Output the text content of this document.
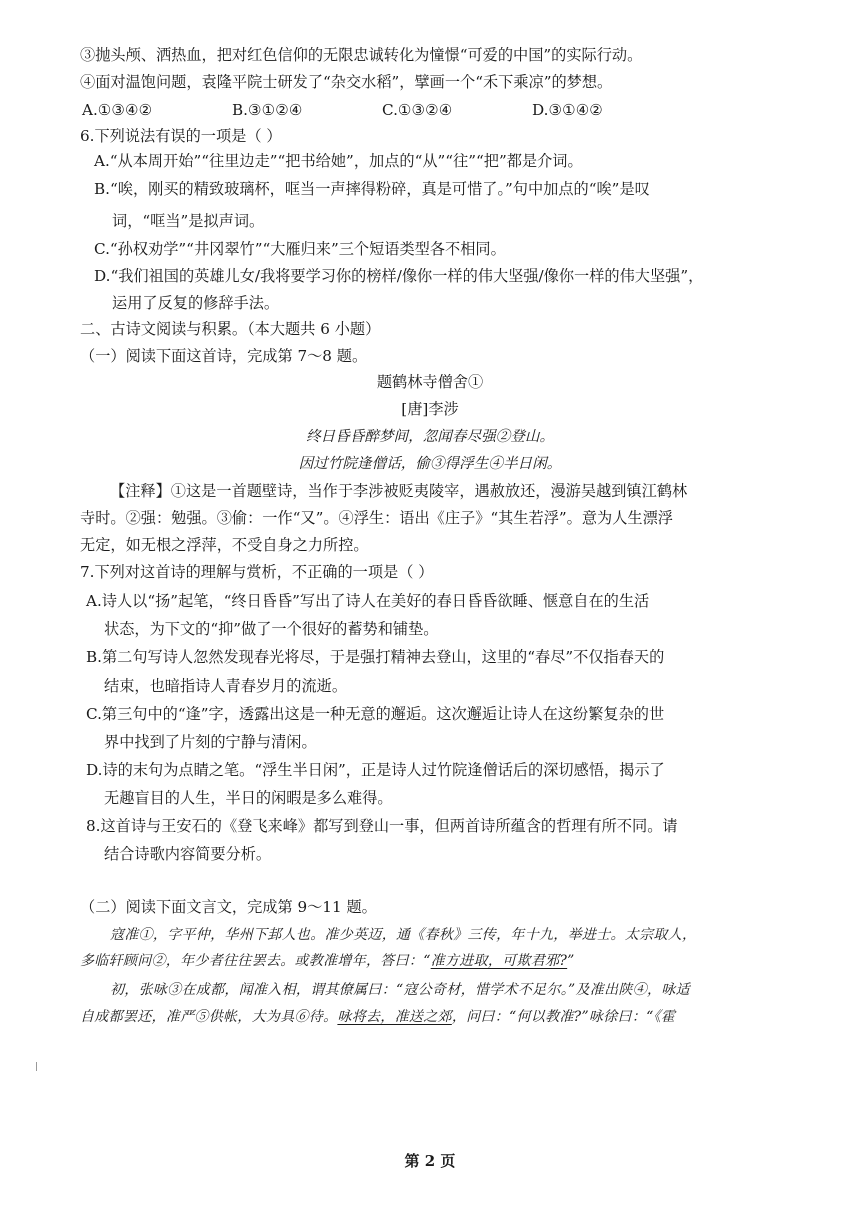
③抛头颅、洒热血，把对红色信仰的无限忠诚转化为憧憬“可爱的中国”的实际行动。
④面对温饱问题，袁隆平院士研发了“杂交水稻”，擘画一个“禾下乘凉”的梦想。
A.①③④②	B.③①②④	C.①③②④	D.③①④②
6.下列说法有误的一项是（ ）
A.“从本周开始”“往里边走”“把书给她”，加点的“从”“往”“把”都是介词。
B.“唉，刚买的精致玻璃杯，哐当一声摔得粉碎，真是可惜了。”句中加点的“唉”是叹
词，“哐当”是拟声词。
C.“孙权劝学”“井冈翠竹”“大雁归来”三个短语类型各不相同。
D.“我们祖国的英雄儿女/我将要学习你的榜样/像你一样的伟大坚强/像你一样的伟大坚强”，
运用了反复的修辞手法。
二、古诗文阅读与积累。（本大题共 6 小题）
（一）阅读下面这首诗，完成第 7～8 题。
题鹤林寺僧舍①
[唐]李涉
终日昏昏醉梦间，忽闻春尽强②登山。
因过竹院逢僧话，偷③得浮生④半日闲。
【注释】①这是一首题壁诗，当作于李涉被贬夷陵宰，遇赦放还，漫游吴越到镇江鹤林
寺时。②强：勉强。③偷：一作“又”。④浮生：语出《庄子》“其生若浮”。意为人生漂浮
无定，如无根之浮萍，不受自身之力所控。
7.下列对这首诗的理解与赏析，不正确的一项是（ ）
A.诗人以“扬”起笔，“终日昏昏”写出了诗人在美好的春日昏昏欲睡、惬意自在的生活
状态，为下文的“抑”做了一个很好的蓄势和铺垫。
B.第二句写诗人忽然发现春光将尽，于是强打精神去登山，这里的“春尽”不仅指春天的
结束，也暗指诗人青春岁月的流逝。
C.第三句中的“逢”字，透露出这是一种无意的邂逅。这次邂逅让诗人在这纷繁复杂的世
界中找到了片刻的宁静与清闲。
D.诗的末句为点睛之笔。“浮生半日闲”，正是诗人过竹院逢僧话后的深切感悟，揭示了
无趣盲目的人生，半日的闲暇是多么难得。
8.这首诗与王安石的《登飞来峰》都写到登山一事，但两首诗所蕴含的哲理有所不同。请
结合诗歌内容简要分析。
（二）阅读下面文言文，完成第 9～11 题。
寇准①，字平仲，华州下邽人也。准少英迈，通《春秋》三传，年十九，举进士。太宗取人，
多临轩顾问②，年少者往往罢去。或教准增年，答曰：“准方进取，可欺君邪?”
初，张咏③在成都，闻准入相，谓其僚属曰：“寇公奇材，惜学术不足尔。”及准出陕④，咏适
自成都罢还，准严⑤供帐，大为具⑥待。咏将去，准送之郊，问曰：“何以教准?”咏徐曰：“《霍
第 2 页
